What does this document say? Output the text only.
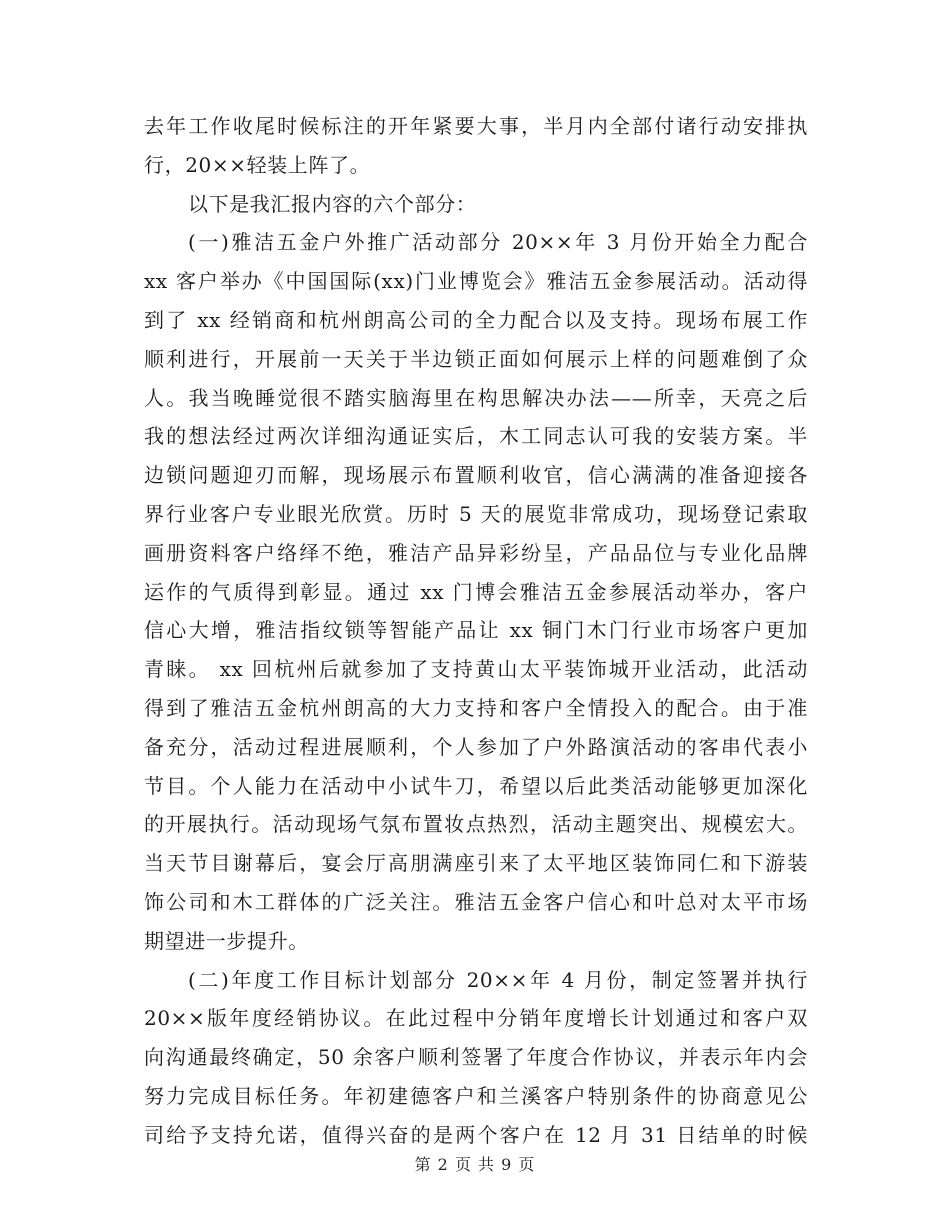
去年工作收尾时候标注的开年紧要大事，半月内全部付诸行动安排执
行，20××轻装上阵了。
以下是我汇报内容的六个部分：
(一)雅洁五金户外推广活动部分 20××年 3 月份开始全力配合
xx 客户举办《中国国际(xx)门业博览会》雅洁五金参展活动。活动得
到了 xx 经销商和杭州朗高公司的全力配合以及支持。现场布展工作
顺利进行，开展前一天关于半边锁正面如何展示上样的问题难倒了众
人。我当晚睡觉很不踏实脑海里在构思解决办法——所幸，天亮之后
我的想法经过两次详细沟通证实后，木工同志认可我的安装方案。半
边锁问题迎刃而解，现场展示布置顺利收官，信心满满的准备迎接各
界行业客户专业眼光欣赏。历时 5 天的展览非常成功，现场登记索取
画册资料客户络绎不绝，雅洁产品异彩纷呈，产品品位与专业化品牌
运作的气质得到彰显。通过 xx 门博会雅洁五金参展活动举办，客户
信心大增，雅洁指纹锁等智能产品让 xx 铜门木门行业市场客户更加
青睐。 xx 回杭州后就参加了支持黄山太平装饰城开业活动，此活动
得到了雅洁五金杭州朗高的大力支持和客户全情投入的配合。由于准
备充分，活动过程进展顺利，个人参加了户外路演活动的客串代表小
节目。个人能力在活动中小试牛刀，希望以后此类活动能够更加深化
的开展执行。活动现场气氛布置妆点热烈，活动主题突出、规模宏大。
当天节目谢幕后，宴会厅高朋满座引来了太平地区装饰同仁和下游装
饰公司和木工群体的广泛关注。雅洁五金客户信心和叶总对太平市场
期望进一步提升。
(二)年度工作目标计划部分 20××年 4 月份，制定签署并执行
20××版年度经销协议。在此过程中分销年度增长计划通过和客户双
向沟通最终确定，50 余客户顺利签署了年度合作协议，并表示年内会
努力完成目标任务。年初建德客户和兰溪客户特别条件的协商意见公
司给予支持允诺，值得兴奋的是两个客户在 12 月 31 日结单的时候
第 2 页 共 9 页
